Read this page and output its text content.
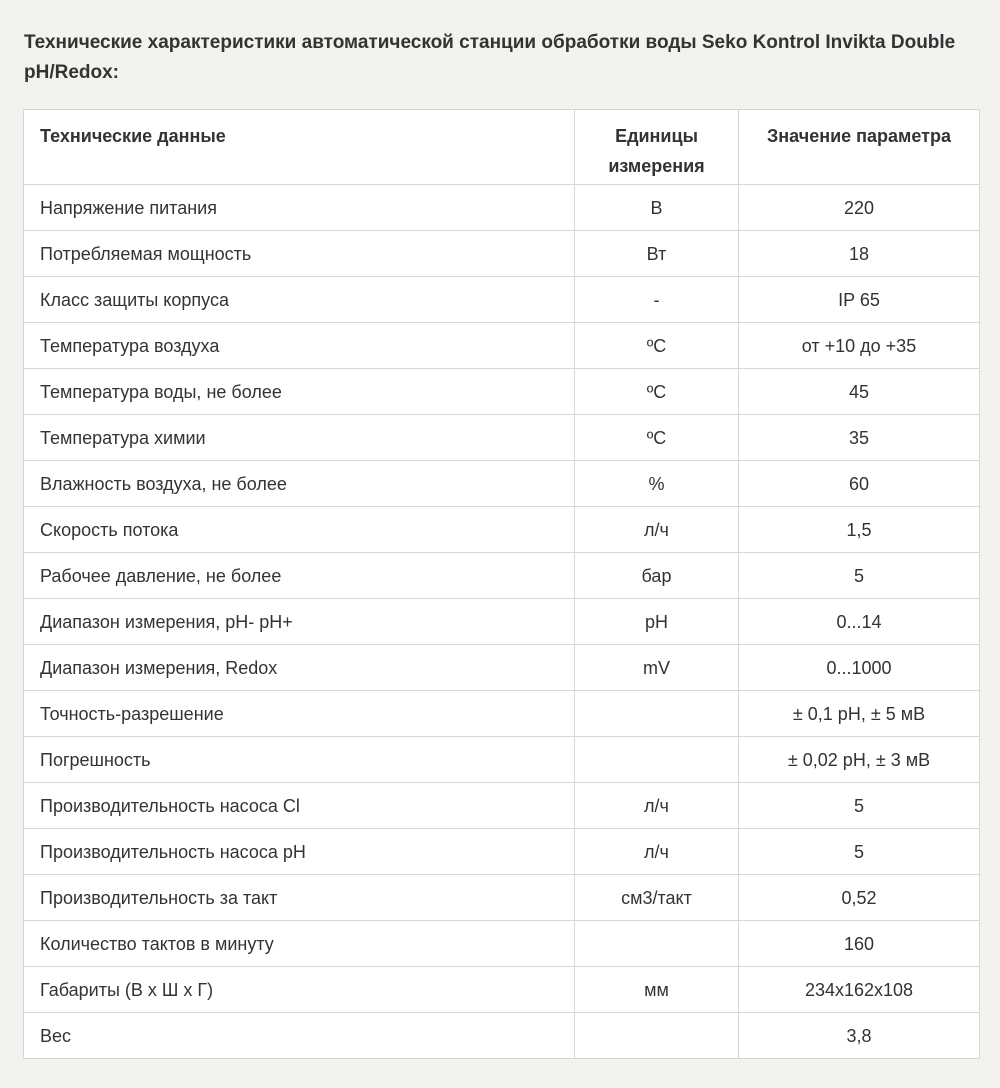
Технические характеристики автоматической станции обработки воды Seko Kontrol Invikta Double pH/Redox:
Технические данные	Единицы измерения	Значение параметра
Напряжение питания	В	220
Потребляемая мощность	Вт	18
Класс защиты корпуса	-	IP 65
Температура воздуха	ºС	от +10 до +35
Температура воды, не более	ºС	45
Температура химии	ºС	35
Влажность воздуха, не более	%	60
Скорость потока	л/ч	1,5
Рабочее давление, не более	бар	5
Диапазон измерения, pH- pH+	pH	0...14
Диапазон измерения, Redox	mV	0...1000
Точность-разрешение		± 0,1 pH, ± 5 мВ
Погрешность		± 0,02 pH, ± 3 мВ
Производительность насоса Cl	л/ч	5
Производительность насоса pH	л/ч	5
Производительность за такт	см3/такт	0,52
Количество тактов в минуту		160
Габариты (В х Ш х Г)	мм	234x162x108
Вес		3,8
